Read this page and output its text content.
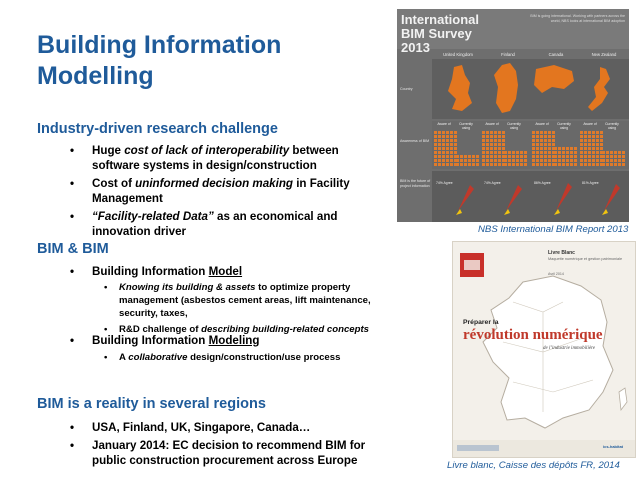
Building Information Modelling
Industry-driven research challenge
• Huge cost of lack of interoperability between software systems in design/construction
• Cost of uninformed decision making in Facility Management
• “Facility-related Data” as an economical and innovation driver
BIM & BIM
• Building Information Model
• Knowing its building & assets to optimize property management (asbestos cement areas, lift maintenance, security, taxes,
• R&D challenge of describing building-related concepts
• Building Information Modeling
• A collaborative design/construction/use process
BIM is a reality in several regions
• USA, Finland, UK, Singapore, Canada…
• January 2014: EC decision to recommend BIM for public construction procurement across Europe
International BIM Survey 2013
BIM is going international. Working with partners across the world, NBS looks at international BIM adoption
United Kingdom	Finland	Canada	New Zealand
Country
Awareness of BIM
BIM is the future of project information
Aware of	Currently using
Aware of	Currently using
Aware of	Currently using
Aware of	Currently using
74% Agree	74% Agree	86% Agree	81% Agree
NBS International BIM Report 2013
Livre Blanc
Maquette numérique et gestion patrimoniale
Avril 2014
Préparer la
révolution numérique
de l’industrie immobilière
ics-habitat
Livre blanc, Caisse des dépôts FR, 2014
